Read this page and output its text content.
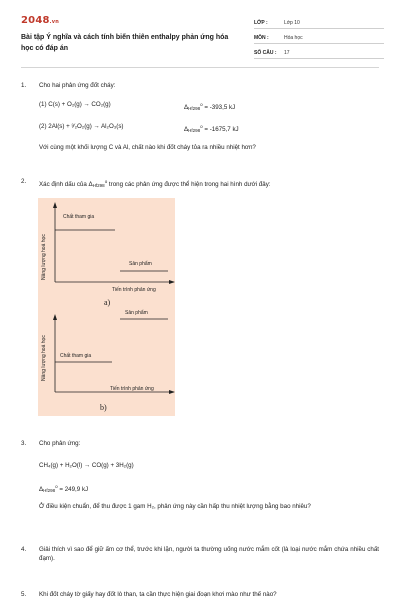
2048.vn
Bài tập Ý nghĩa và cách tính biến thiên enthalpy phản ứng hóa học có đáp án
LỚP :	Lớp 10
MÔN :	Hóa học
SỐ CÂU :	17
1. Cho hai phản ứng đốt cháy:
(1) C(s) + O₂(g) → CO₂(g)	$\Delta_{Hf298}^o = -393,5$ kJ
(2) 2Al(s) + ³⁄₂O₂(g) → Al₂O₃(s)	$\Delta_{Hf298}^o = -1675,7$ kJ
Với cùng một khối lượng C và Al, chất nào khi đốt cháy tỏa ra nhiều nhiệt hơn?
2. Xác định dấu của $\Delta_{Hf298}^o$ trong các phản ứng được thể hiện trong hai hình dưới đây:
Năng lượng hoá học
Chất tham gia
Sản phẩm
Tiến trình phản ứng
a)
Năng lượng hoá học
Sản phẩm
Chất tham gia
Tiến trình phản ứng
b)
3. Cho phản ứng:
CH₄(g) + H₂O(l) → CO(g) + 3H₂(g)
$\Delta_{Hf298}^o = 249,9$ kJ
Ở điều kiện chuẩn, để thu được 1 gam H₂, phản ứng này cần hấp thu nhiệt lượng bằng bao nhiêu?
4. Giải thích vì sao để giữ ấm cơ thể, trước khi lặn, người ta thường uống nước mắm cốt (là loại nước mắm chứa nhiều chất đạm).
5. Khi đốt cháy tờ giấy hay đốt lò than, ta cần thực hiện giai đoạn khơi mào như thế nào?
